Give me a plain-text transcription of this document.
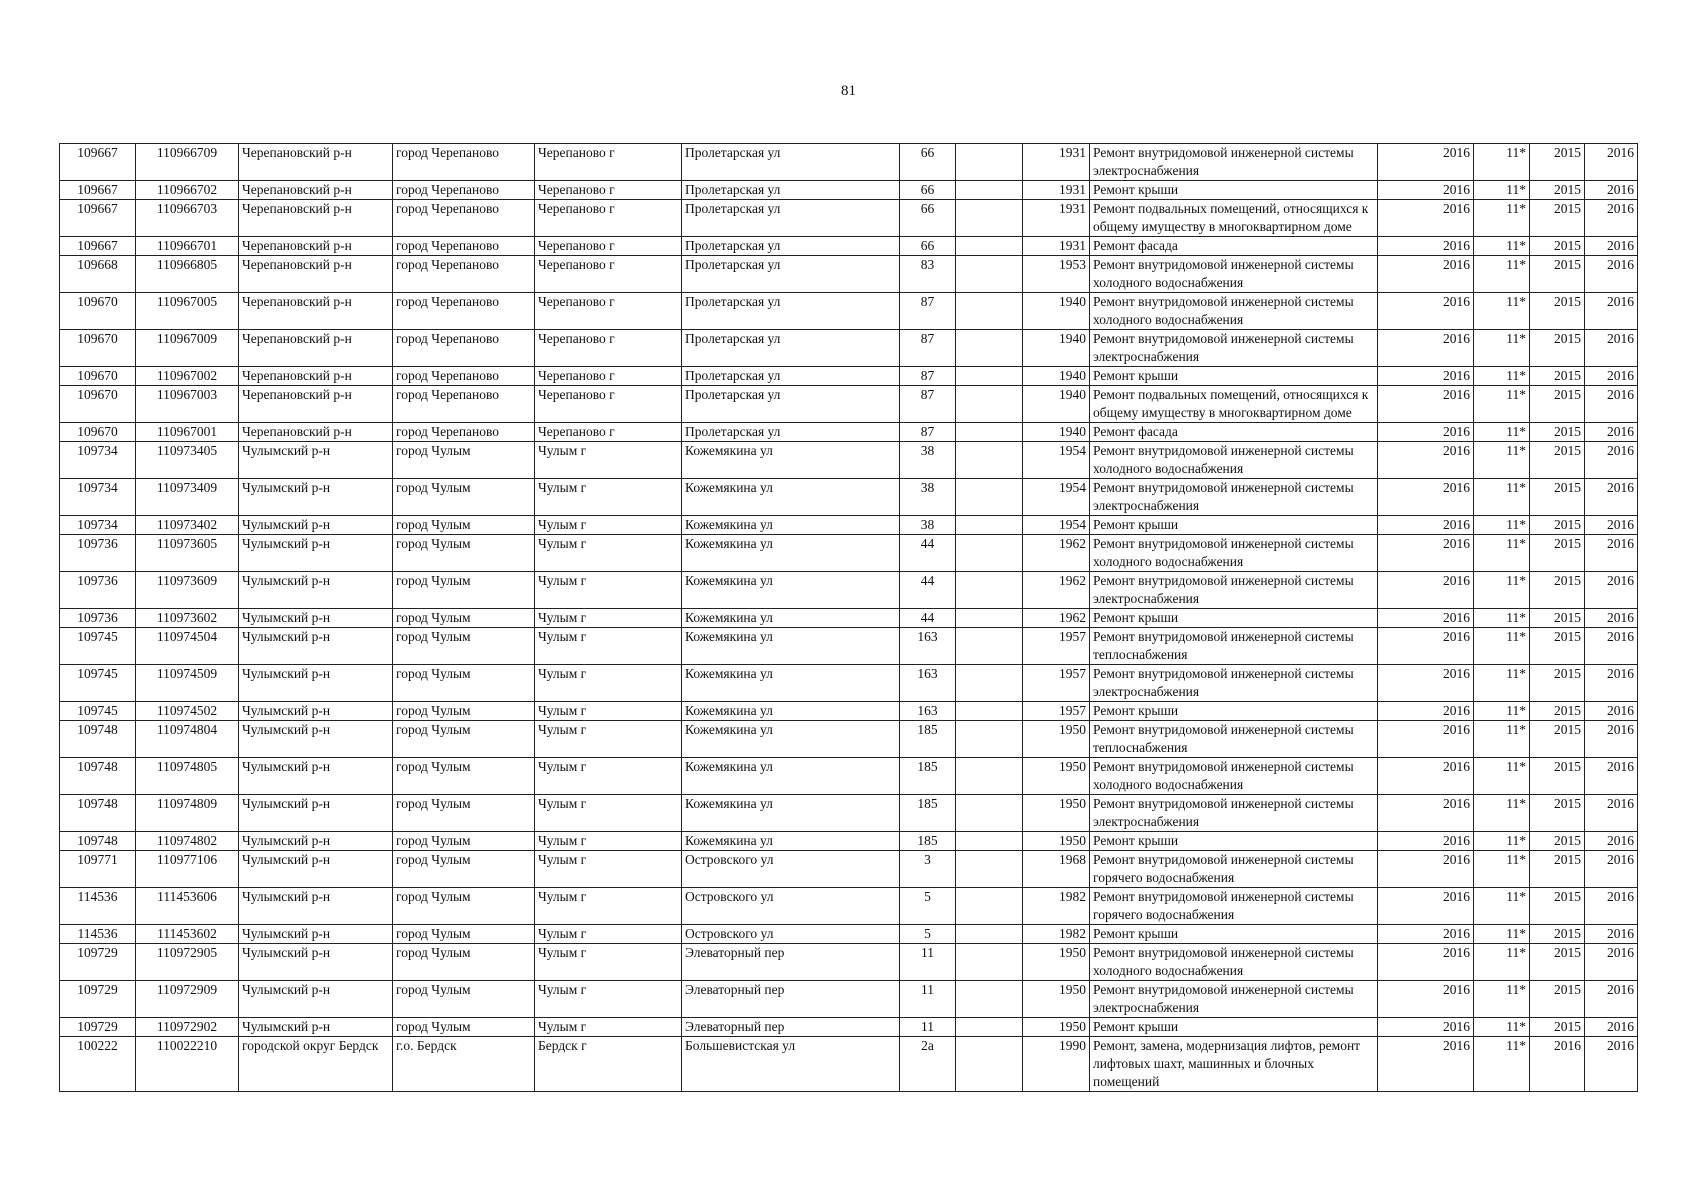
81
109667	110966709	Черепановский р-н	город Черепаново	Черепаново г	Пролетарская ул	66		1931	Ремонт внутридомовой инженерной системы электроснабжения	2016	11*	2015	2016
109667	110966702	Черепановский р-н	город Черепаново	Черепаново г	Пролетарская ул	66		1931	Ремонт крыши	2016	11*	2015	2016
109667	110966703	Черепановский р-н	город Черепаново	Черепаново г	Пролетарская ул	66		1931	Ремонт подвальных помещений, относящихся к общему имуществу в многоквартирном доме	2016	11*	2015	2016
109667	110966701	Черепановский р-н	город Черепаново	Черепаново г	Пролетарская ул	66		1931	Ремонт фасада	2016	11*	2015	2016
109668	110966805	Черепановский р-н	город Черепаново	Черепаново г	Пролетарская ул	83		1953	Ремонт внутридомовой инженерной системы холодного водоснабжения	2016	11*	2015	2016
109670	110967005	Черепановский р-н	город Черепаново	Черепаново г	Пролетарская ул	87		1940	Ремонт внутридомовой инженерной системы холодного водоснабжения	2016	11*	2015	2016
109670	110967009	Черепановский р-н	город Черепаново	Черепаново г	Пролетарская ул	87		1940	Ремонт внутридомовой инженерной системы электроснабжения	2016	11*	2015	2016
109670	110967002	Черепановский р-н	город Черепаново	Черепаново г	Пролетарская ул	87		1940	Ремонт крыши	2016	11*	2015	2016
109670	110967003	Черепановский р-н	город Черепаново	Черепаново г	Пролетарская ул	87		1940	Ремонт подвальных помещений, относящихся к общему имуществу в многоквартирном доме	2016	11*	2015	2016
109670	110967001	Черепановский р-н	город Черепаново	Черепаново г	Пролетарская ул	87		1940	Ремонт фасада	2016	11*	2015	2016
109734	110973405	Чулымский р-н	город Чулым	Чулым г	Кожемякина ул	38		1954	Ремонт внутридомовой инженерной системы холодного водоснабжения	2016	11*	2015	2016
109734	110973409	Чулымский р-н	город Чулым	Чулым г	Кожемякина ул	38		1954	Ремонт внутридомовой инженерной системы электроснабжения	2016	11*	2015	2016
109734	110973402	Чулымский р-н	город Чулым	Чулым г	Кожемякина ул	38		1954	Ремонт крыши	2016	11*	2015	2016
109736	110973605	Чулымский р-н	город Чулым	Чулым г	Кожемякина ул	44		1962	Ремонт внутридомовой инженерной системы холодного водоснабжения	2016	11*	2015	2016
109736	110973609	Чулымский р-н	город Чулым	Чулым г	Кожемякина ул	44		1962	Ремонт внутридомовой инженерной системы электроснабжения	2016	11*	2015	2016
109736	110973602	Чулымский р-н	город Чулым	Чулым г	Кожемякина ул	44		1962	Ремонт крыши	2016	11*	2015	2016
109745	110974504	Чулымский р-н	город Чулым	Чулым г	Кожемякина ул	163		1957	Ремонт внутридомовой инженерной системы теплоснабжения	2016	11*	2015	2016
109745	110974509	Чулымский р-н	город Чулым	Чулым г	Кожемякина ул	163		1957	Ремонт внутридомовой инженерной системы электроснабжения	2016	11*	2015	2016
109745	110974502	Чулымский р-н	город Чулым	Чулым г	Кожемякина ул	163		1957	Ремонт крыши	2016	11*	2015	2016
109748	110974804	Чулымский р-н	город Чулым	Чулым г	Кожемякина ул	185		1950	Ремонт внутридомовой инженерной системы теплоснабжения	2016	11*	2015	2016
109748	110974805	Чулымский р-н	город Чулым	Чулым г	Кожемякина ул	185		1950	Ремонт внутридомовой инженерной системы холодного водоснабжения	2016	11*	2015	2016
109748	110974809	Чулымский р-н	город Чулым	Чулым г	Кожемякина ул	185		1950	Ремонт внутридомовой инженерной системы электроснабжения	2016	11*	2015	2016
109748	110974802	Чулымский р-н	город Чулым	Чулым г	Кожемякина ул	185		1950	Ремонт крыши	2016	11*	2015	2016
109771	110977106	Чулымский р-н	город Чулым	Чулым г	Островского ул	3		1968	Ремонт внутридомовой инженерной системы горячего водоснабжения	2016	11*	2015	2016
114536	111453606	Чулымский р-н	город Чулым	Чулым г	Островского ул	5		1982	Ремонт внутридомовой инженерной системы горячего водоснабжения	2016	11*	2015	2016
114536	111453602	Чулымский р-н	город Чулым	Чулым г	Островского ул	5		1982	Ремонт крыши	2016	11*	2015	2016
109729	110972905	Чулымский р-н	город Чулым	Чулым г	Элеваторный пер	11		1950	Ремонт внутридомовой инженерной системы холодного водоснабжения	2016	11*	2015	2016
109729	110972909	Чулымский р-н	город Чулым	Чулым г	Элеваторный пер	11		1950	Ремонт внутридомовой инженерной системы электроснабжения	2016	11*	2015	2016
109729	110972902	Чулымский р-н	город Чулым	Чулым г	Элеваторный пер	11		1950	Ремонт крыши	2016	11*	2015	2016
100222	110022210	городской округ Бердск	г.о. Бердск	Бердск г	Большевистская ул	2а		1990	Ремонт, замена, модернизация лифтов, ремонт лифтовых шахт, машинных и блочных помещений	2016	11*	2016	2016
